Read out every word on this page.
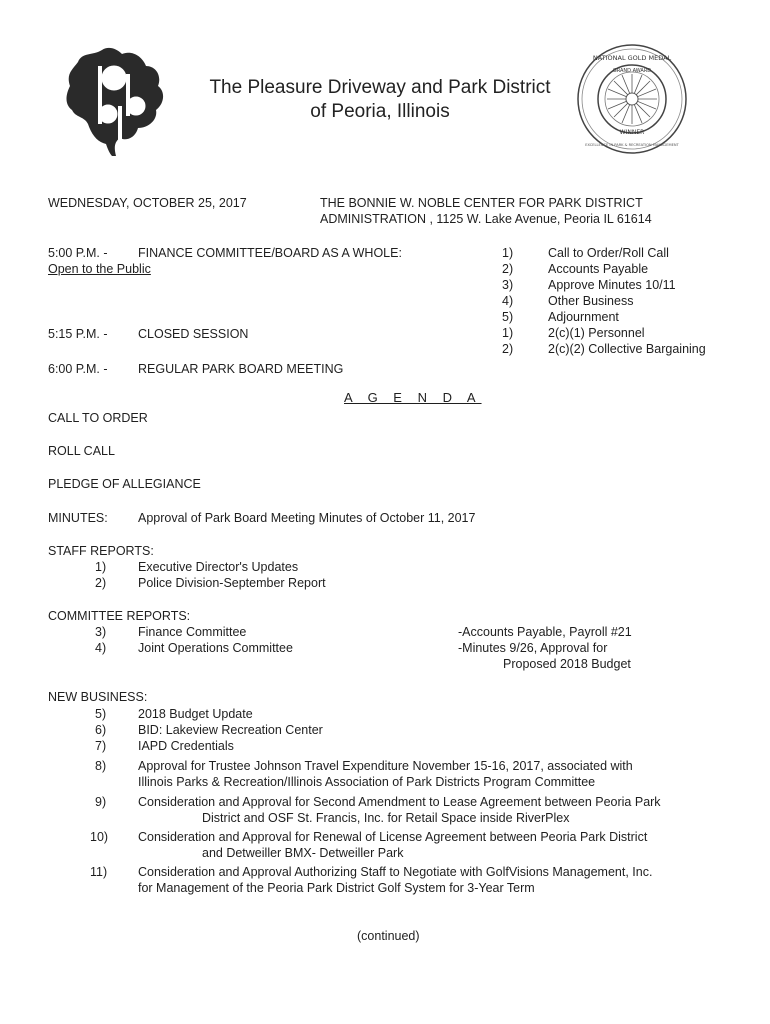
The Pleasure Driveway and Park District
of Peoria, Illinois
NATIONAL GOLD MEDAL
GRAND AWARD
WINNER
EXCELLENCE IN PARK & RECREATION MANAGEMENT
WEDNESDAY, OCTOBER 25, 2017	THE BONNIE W. NOBLE CENTER FOR PARK DISTRICT
ADMINISTRATION , 1125 W. Lake Avenue, Peoria IL 61614
5:00 P.M. - FINANCE COMMITTEE/BOARD AS A WHOLE:
Open to the Public
1)	Call to Order/Roll Call
2)	Accounts Payable
3)	Approve Minutes 10/11
4)	Other Business
5)	Adjournment
5:15 P.M. - CLOSED SESSION	1)	2(c)(1) Personnel
2)	2(c)(2) Collective Bargaining
6:00 P.M. - REGULAR PARK BOARD MEETING
A G E N D A
CALL TO ORDER
ROLL CALL
PLEDGE OF ALLEGIANCE
MINUTES: Approval of Park Board Meeting Minutes of October 11, 2017
STAFF REPORTS:
1)	Executive Director's Updates
2)	Police Division-September Report
COMMITTEE REPORTS:
3)	Finance Committee	-Accounts Payable, Payroll #21
4)	Joint Operations Committee	-Minutes 9/26, Approval for
Proposed 2018 Budget
NEW BUSINESS:
5)	2018 Budget Update
6)	BID: Lakeview Recreation Center
7)	IAPD Credentials
8)	Approval for Trustee Johnson Travel Expenditure November 15-16, 2017, associated with
Illinois Parks & Recreation/Illinois Association of Park Districts Program Committee
9)	Consideration and Approval for Second Amendment to Lease Agreement between Peoria Park
District and OSF St. Francis, Inc. for Retail Space inside RiverPlex
10) Consideration and Approval for Renewal of License Agreement between Peoria Park District
and Detweiller BMX- Detweiller Park
11) Consideration and Approval Authorizing Staff to Negotiate with GolfVisions Management, Inc.
for Management of the Peoria Park District Golf System for 3-Year Term
(continued)
